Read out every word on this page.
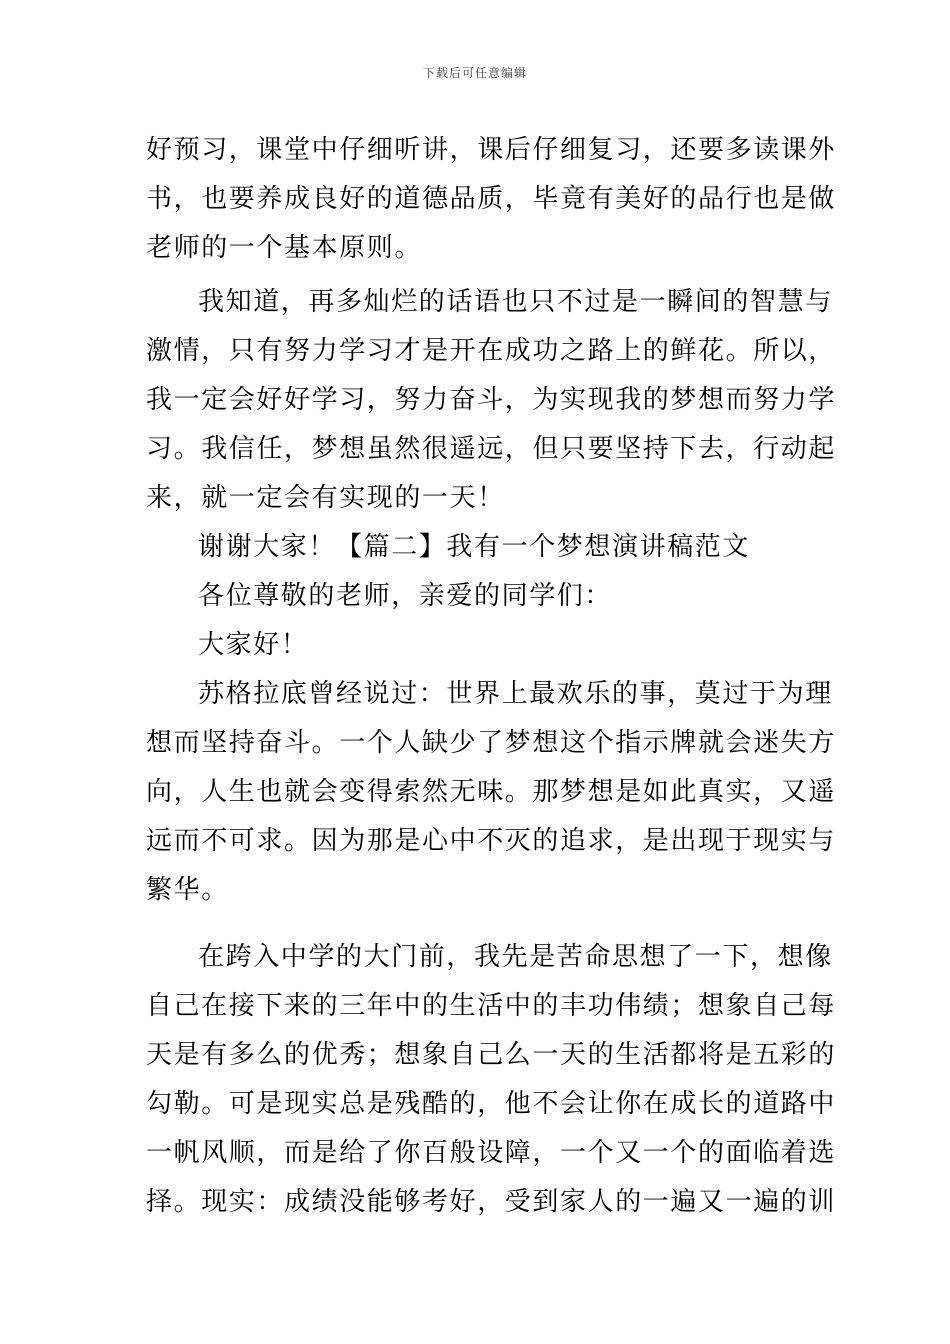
下载后可任意编辑
好预习，课堂中仔细听讲，课后仔细复习，还要多读课外
书，也要养成良好的道德品质，毕竟有美好的品行也是做
老师的一个基本原则。
我知道，再多灿烂的话语也只不过是一瞬间的智慧与
激情，只有努力学习才是开在成功之路上的鲜花。所以，
我一定会好好学习，努力奋斗，为实现我的梦想而努力学
习。我信任，梦想虽然很遥远，但只要坚持下去，行动起
来，就一定会有实现的一天！
谢谢大家！【篇二】我有一个梦想演讲稿范文
各位尊敬的老师，亲爱的同学们：
大家好！
苏格拉底曾经说过：世界上最欢乐的事，莫过于为理
想而坚持奋斗。一个人缺少了梦想这个指示牌就会迷失方
向，人生也就会变得索然无味。那梦想是如此真实，又遥
远而不可求。因为那是心中不灭的追求，是出现于现实与
繁华。
在跨入中学的大门前，我先是苦命思想了一下，想像
自己在接下来的三年中的生活中的丰功伟绩；想象自己每
天是有多么的优秀；想象自己么一天的生活都将是五彩的
勾勒。可是现实总是残酷的，他不会让你在成长的道路中
一帆风顺，而是给了你百般设障，一个又一个的面临着选
择。现实：成绩没能够考好，受到家人的一遍又一遍的训
